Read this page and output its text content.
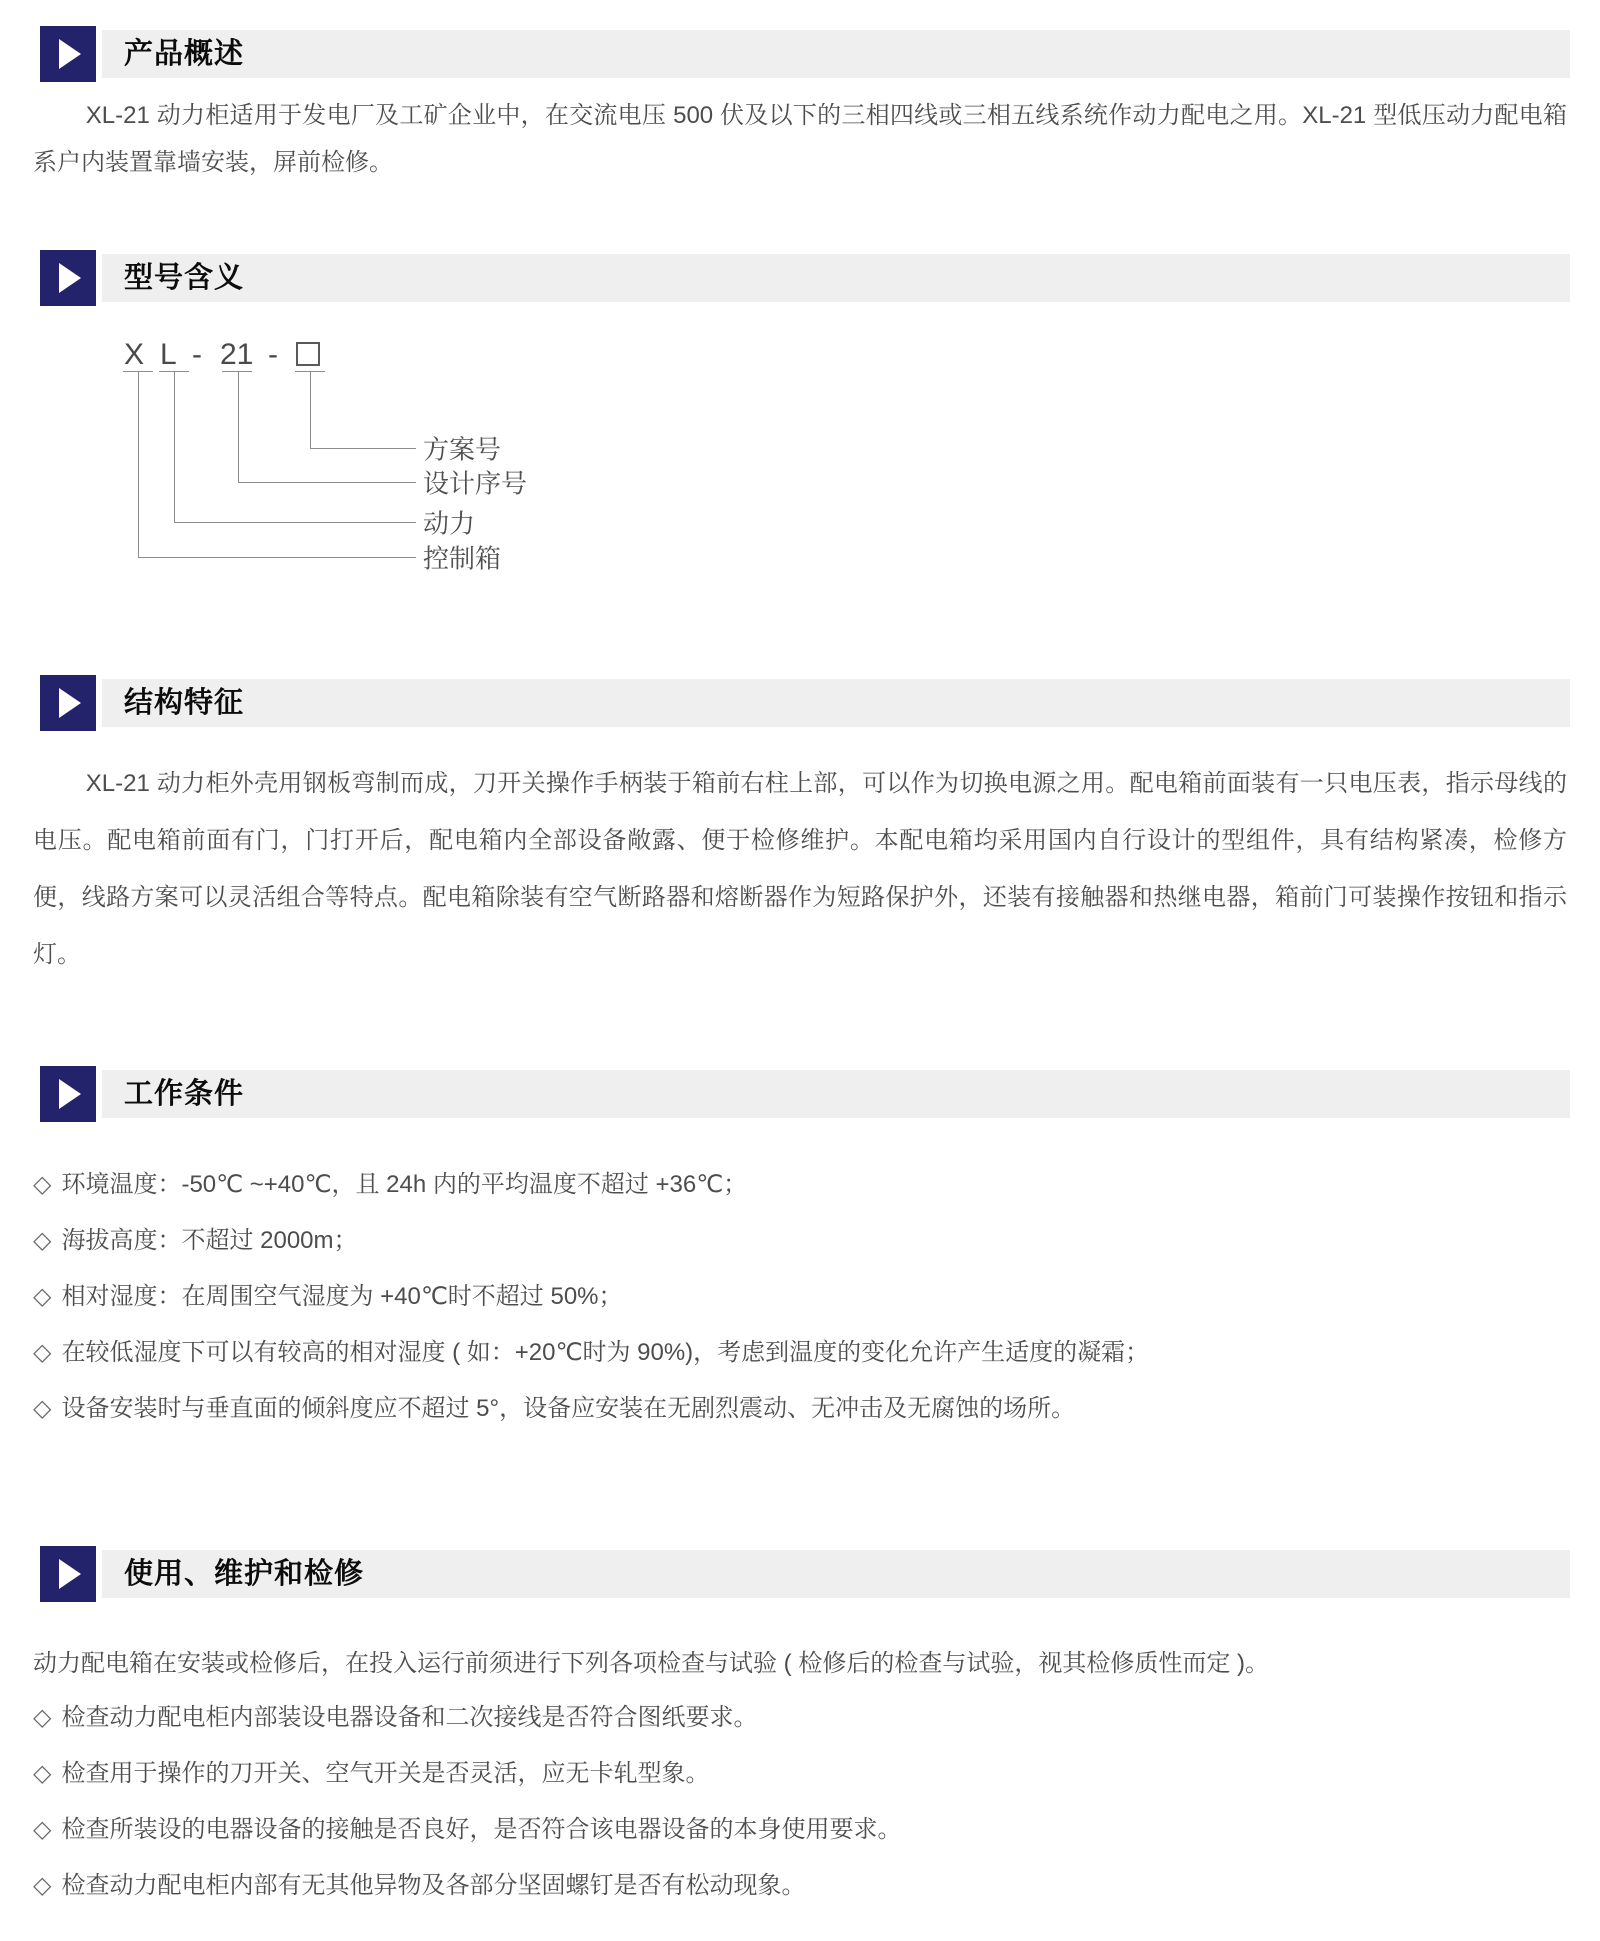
产品概述
XL-21 动力柜适用于发电厂及工矿企业中，在交流电压 500 伏及以下的三相四线或三相五线系统作动力配电之用。XL-21 型低压动力配电箱系户内装置靠墙安装，屏前检修。
型号含义
X L - 21 -
方案号
设计序号
动力
控制箱
结构特征
XL-21 动力柜外壳用钢板弯制而成，刀开关操作手柄装于箱前右柱上部，可以作为切换电源之用。配电箱前面装有一只电压表，指示母线的电压。配电箱前面有门，门打开后，配电箱内全部设备敞露、便于检修维护。本配电箱均采用国内自行设计的型组件，具有结构紧凑，检修方便，线路方案可以灵活组合等特点。配电箱除装有空气断路器和熔断器作为短路保护外，还装有接触器和热继电器，箱前门可装操作按钮和指示灯。
工作条件
◇ 环境温度：-50℃ ~+40℃，且 24h 内的平均温度不超过 +36℃；
◇ 海拔高度：不超过 2000m；
◇ 相对湿度：在周围空气湿度为 +40℃时不超过 50%；
◇ 在较低湿度下可以有较高的相对湿度 ( 如：+20℃时为 90%)，考虑到温度的变化允许产生适度的凝霜；
◇ 设备安装时与垂直面的倾斜度应不超过 5°，设备应安装在无剧烈震动、无冲击及无腐蚀的场所。
使用、维护和检修
动力配电箱在安装或检修后，在投入运行前须进行下列各项检查与试验 ( 检修后的检查与试验，视其检修质性而定 )。
◇ 检查动力配电柜内部装设电器设备和二次接线是否符合图纸要求。
◇ 检查用于操作的刀开关、空气开关是否灵活，应无卡轧型象。
◇ 检查所装设的电器设备的接触是否良好，是否符合该电器设备的本身使用要求。
◇ 检查动力配电柜内部有无其他异物及各部分坚固螺钉是否有松动现象。
